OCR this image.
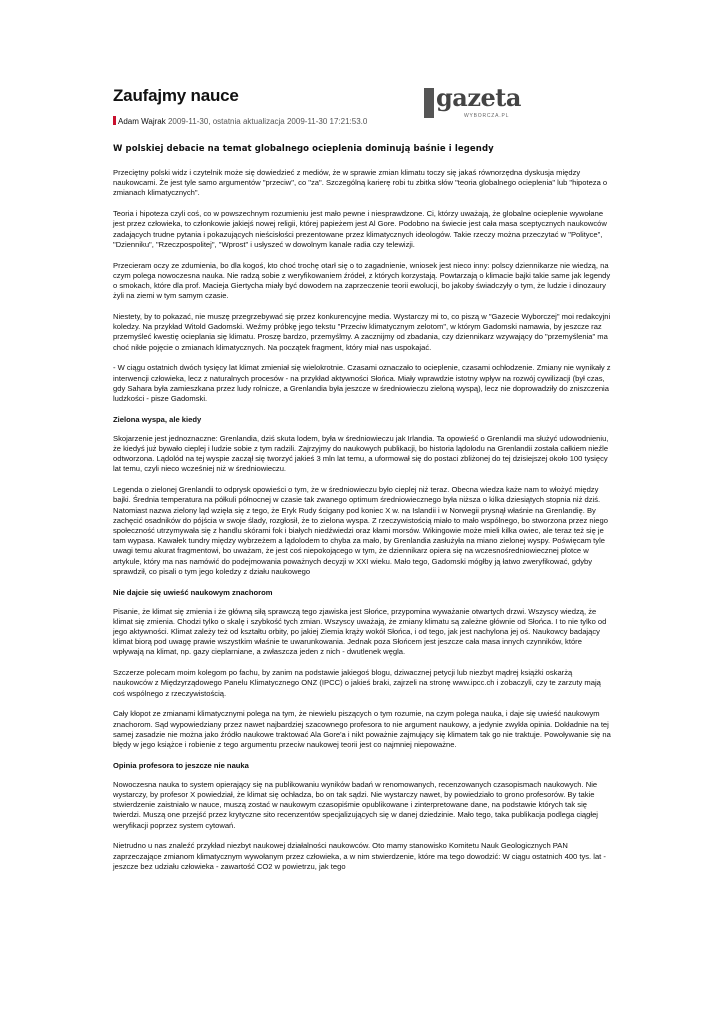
Zaufajmy nauce	gazeta
WYBORCZA.PL
Adam Wajrak 2009-11-30, ostatnia aktualizacja 2009-11-30 17:21:53.0

W polskiej debacie na temat globalnego ocieplenia dominują baśnie i legendy

Przeciętny polski widz i czytelnik może się dowiedzieć z mediów, że w sprawie zmian klimatu toczy się jakaś równorzędna dyskusja między naukowcami. Że jest tyle samo argumentów "przeciw", co "za". Szczególną karierę robi tu zbitka słów "teoria globalnego ocieplenia" lub "hipoteza o zmianach klimatycznych".

Teoria i hipoteza czyli coś, co w powszechnym rozumieniu jest mało pewne i niesprawdzone. Ci, którzy uważają, że globalne ocieplenie wywołane jest przez człowieka, to członkowie jakiejś nowej religii, której papieżem jest Al Gore. Podobno na świecie jest cała masa sceptycznych naukowców zadających trudne pytania i pokazujących nieścisłości prezentowane przez klimatycznych ideologów. Takie rzeczy można przeczytać w "Polityce", "Dzienniku", "Rzeczpospolitej", "Wprost" i usłyszeć w dowolnym kanale radia czy telewizji.

Przecieram oczy ze zdumienia, bo dla kogoś, kto choć trochę otarł się o to zagadnienie, wniosek jest nieco inny: polscy dziennikarze nie wiedzą, na czym polega nowoczesna nauka. Nie radzą sobie z weryfikowaniem źródeł, z których korzystają. Powtarzają o klimacie bajki takie same jak legendy o smokach, które dla prof. Macieja Giertycha miały być dowodem na zaprzeczenie teorii ewolucji, bo jakoby świadczyły o tym, że ludzie i dinozaury żyli na ziemi w tym samym czasie.

Niestety, by to pokazać, nie muszę przegrzebywać się przez konkurencyjne media. Wystarczy mi to, co piszą w "Gazecie Wyborczej" moi redakcyjni koledzy. Na przykład Witold Gadomski. Weźmy próbkę jego tekstu "Przeciw klimatycznym zelotom", w którym Gadomski namawia, by jeszcze raz przemyśleć kwestię ocieplania się klimatu. Proszę bardzo, przemyślmy. A zacznijmy od zbadania, czy dziennikarz wzywający do "przemyślenia" ma choć nikłe pojęcie o zmianach klimatycznych. Na początek fragment, który miał nas uspokajać.

- W ciągu ostatnich dwóch tysięcy lat klimat zmieniał się wielokrotnie. Czasami oznaczało to ocieplenie, czasami ochłodzenie. Zmiany nie wynikały z interwencji człowieka, lecz z naturalnych procesów - na przykład aktywności Słońca. Miały wprawdzie istotny wpływ na rozwój cywilizacji (był czas, gdy Sahara była zamieszkana przez ludy rolnicze, a Grenlandia była jeszcze w średniowieczu zieloną wyspą), lecz nie doprowadziły do zniszczenia ludzkości - pisze Gadomski.

Zielona wyspa, ale kiedy

Skojarzenie jest jednoznaczne: Grenlandia, dziś skuta lodem, była w średniowieczu jak Irlandia. Ta opowieść o Grenlandii ma służyć udowodnieniu, że kiedyś już bywało cieplej i ludzie sobie z tym radzili. Zajrzyjmy do naukowych publikacji, bo historia lądolodu na Grenlandii została całkiem nieźle odtworzona. Lądolód na tej wyspie zaczął się tworzyć jakieś 3 mln lat temu, a uformował się do postaci zbliżonej do tej dzisiejszej około 100 tysięcy lat temu, czyli nieco wcześniej niż w średniowieczu.

Legenda o zielonej Grenlandii to odprysk opowieści o tym, że w średniowieczu było cieplej niż teraz. Obecna wiedza każe nam to włożyć między bajki. Średnia temperatura na półkuli północnej w czasie tak zwanego optimum średniowiecznego była niższa o kilka dziesiątych stopnia niż dziś. Natomiast nazwa zielony ląd wzięła się z tego, że Eryk Rudy ścigany pod koniec X w. na Islandii i w Norwegii prysnął właśnie na Grenlandię. By zachęcić osadników do pójścia w swoje ślady, rozgłosił, że to zielona wyspa. Z rzeczywistością miało to mało wspólnego, bo stworzona przez niego społeczność utrzymywała się z handlu skórami fok i białych niedźwiedzi oraz kłami morsów. Wikingowie może mieli kilka owiec, ale teraz też się je tam wypasa. Kawałek tundry między wybrzeżem a lądolodem to chyba za mało, by Grenlandia zasłużyła na miano zielonej wyspy. Poświęcam tyle uwagi temu akurat fragmentowi, bo uważam, że jest coś niepokojącego w tym, że dziennikarz opiera się na wczesnośredniowiecznej plotce w artykule, który ma nas namówić do podejmowania poważnych decyzji w XXI wieku. Mało tego, Gadomski mógłby ją łatwo zweryfikować, gdyby sprawdził, co pisali o tym jego koledzy z działu naukowego

Nie dajcie się uwieść naukowym znachorom

Pisanie, że klimat się zmienia i że główną siłą sprawczą tego zjawiska jest Słońce, przypomina wyważanie otwartych drzwi. Wszyscy wiedzą, że klimat się zmienia. Chodzi tylko o skalę i szybkość tych zmian. Wszyscy uważają, że zmiany klimatu są zależne głównie od Słońca. I to nie tylko od jego aktywności. Klimat zależy też od kształtu orbity, po jakiej Ziemia krąży wokół Słońca, i od tego, jak jest nachylona jej oś. Naukowcy badający klimat biorą pod uwagę prawie wszystkim właśnie te uwarunkowania. Jednak poza Słońcem jest jeszcze cała masa innych czynników, które wpływają na klimat, np. gazy cieplarniane, a zwłaszcza jeden z nich - dwutlenek węgla.

Szczerze polecam moim kolegom po fachu, by zanim na podstawie jakiegoś blogu, dziwacznej petycji lub niezbyt mądrej książki oskarżą naukowców z Międzyrządowego Panelu Klimatycznego ONZ (IPCC) o jakieś braki, zajrzeli na stronę www.ipcc.ch i zobaczyli, czy te zarzuty mają coś wspólnego z rzeczywistością.

Cały kłopot ze zmianami klimatycznymi polega na tym, że niewielu piszących o tym rozumie, na czym polega nauka, i daje się uwieść naukowym znachorom. Sąd wypowiedziany przez nawet najbardziej szacownego profesora to nie argument naukowy, a jedynie zwykła opinia. Dokładnie na tej samej zasadzie nie można jako źródło naukowe traktować Ala Gore'a i nikt poważnie zajmujący się klimatem tak go nie traktuje. Powoływanie się na błędy w jego książce i robienie z tego argumentu przeciw naukowej teorii jest co najmniej niepoważne.

Opinia profesora to jeszcze nie nauka

Nowoczesna nauka to system opierający się na publikowaniu wyników badań w renomowanych, recenzowanych czasopismach naukowych. Nie wystarczy, by profesor X powiedział, że klimat się ochładza, bo on tak sądzi. Nie wystarczy nawet, by powiedziało to grono profesorów. By takie stwierdzenie zaistniało w nauce, muszą zostać w naukowym czasopiśmie opublikowane i zinterpretowane dane, na podstawie których tak się twierdzi. Muszą one przejść przez krytyczne sito recenzentów specjalizujących się w danej dziedzinie. Mało tego, taka publikacja podlega ciągłej weryfikacji poprzez system cytowań.

Nietrudno u nas znaleźć przykład niezbyt naukowej działalności naukowców. Oto mamy stanowisko Komitetu Nauk Geologicznych PAN zaprzeczające zmianom klimatycznym wywołanym przez człowieka, a w nim stwierdzenie, które ma tego dowodzić: W ciągu ostatnich 400 tys. lat - jeszcze bez udziału człowieka - zawartość CO2 w powietrzu, jak tego
